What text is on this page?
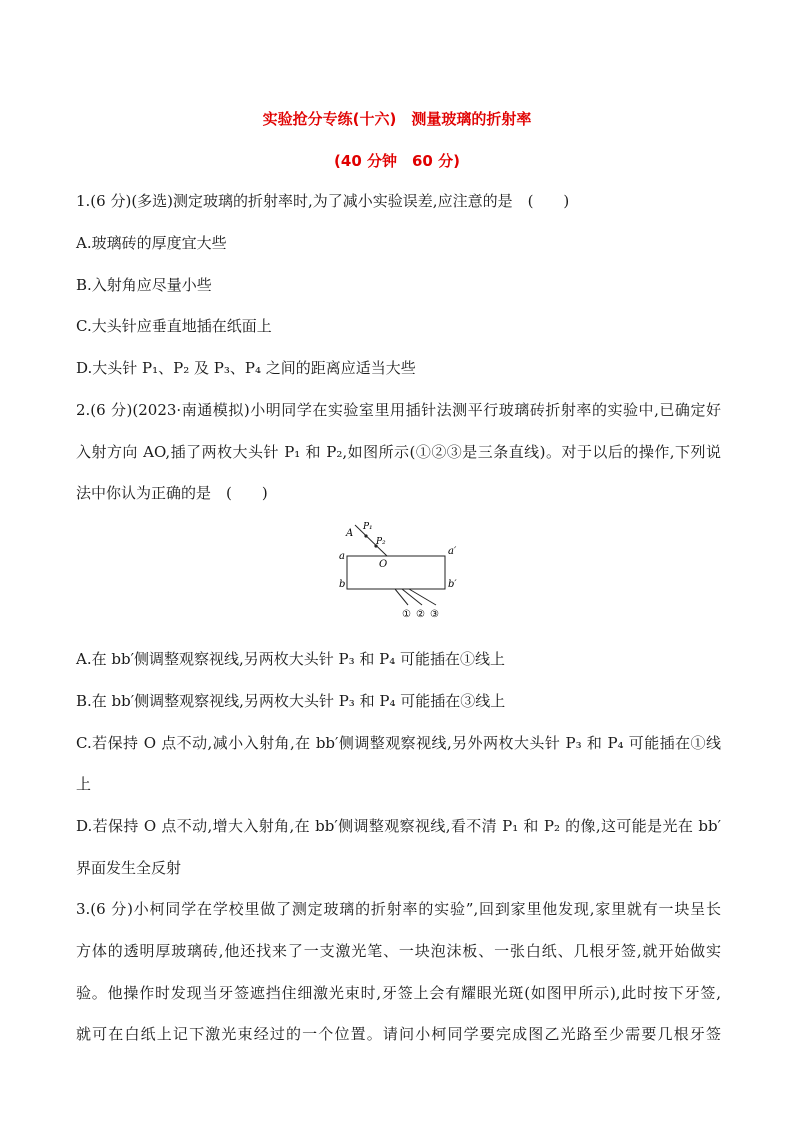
实验抢分专练(十六)　测量玻璃的折射率
(40 分钟　60 分)
1.(6 分)(多选)测定玻璃的折射率时,为了减小实验误差,应注意的是　(　　)
A.玻璃砖的厚度宜大些
B.入射角应尽量小些
C.大头针应垂直地插在纸面上
D.大头针 P₁、P₂ 及 P₃、P₄ 之间的距离应适当大些
2.(6 分)(2023·南通模拟)小明同学在实验室里用插针法测平行玻璃砖折射率的实验中,已确定好
入射方向 AO,插了两枚大头针 P₁ 和 P₂,如图所示(①②③是三条直线)。对于以后的操作,下列说
法中你认为正确的是　(　　)
A
P₁
P₂
a
O
a′
b	b′
① ② ③
A.在 bb′侧调整观察视线,另两枚大头针 P₃ 和 P₄ 可能插在①线上
B.在 bb′侧调整观察视线,另两枚大头针 P₃ 和 P₄ 可能插在③线上
C.若保持 O 点不动,减小入射角,在 bb′侧调整观察视线,另外两枚大头针 P₃ 和 P₄ 可能插在①线
上
D.若保持 O 点不动,增大入射角,在 bb′侧调整观察视线,看不清 P₁ 和 P₂ 的像,这可能是光在 bb′
界面发生全反射
3.(6 分)小柯同学在学校里做了测定玻璃的折射率的实验”,回到家里他发现,家里就有一块呈长
方体的透明厚玻璃砖,他还找来了一支激光笔、一块泡沫板、一张白纸、几根牙签,就开始做实
验。他操作时发现当牙签遮挡住细激光束时,牙签上会有耀眼光斑(如图甲所示),此时按下牙签,
就可在白纸上记下激光束经过的一个位置。请问小柯同学要完成图乙光路至少需要几根牙签
